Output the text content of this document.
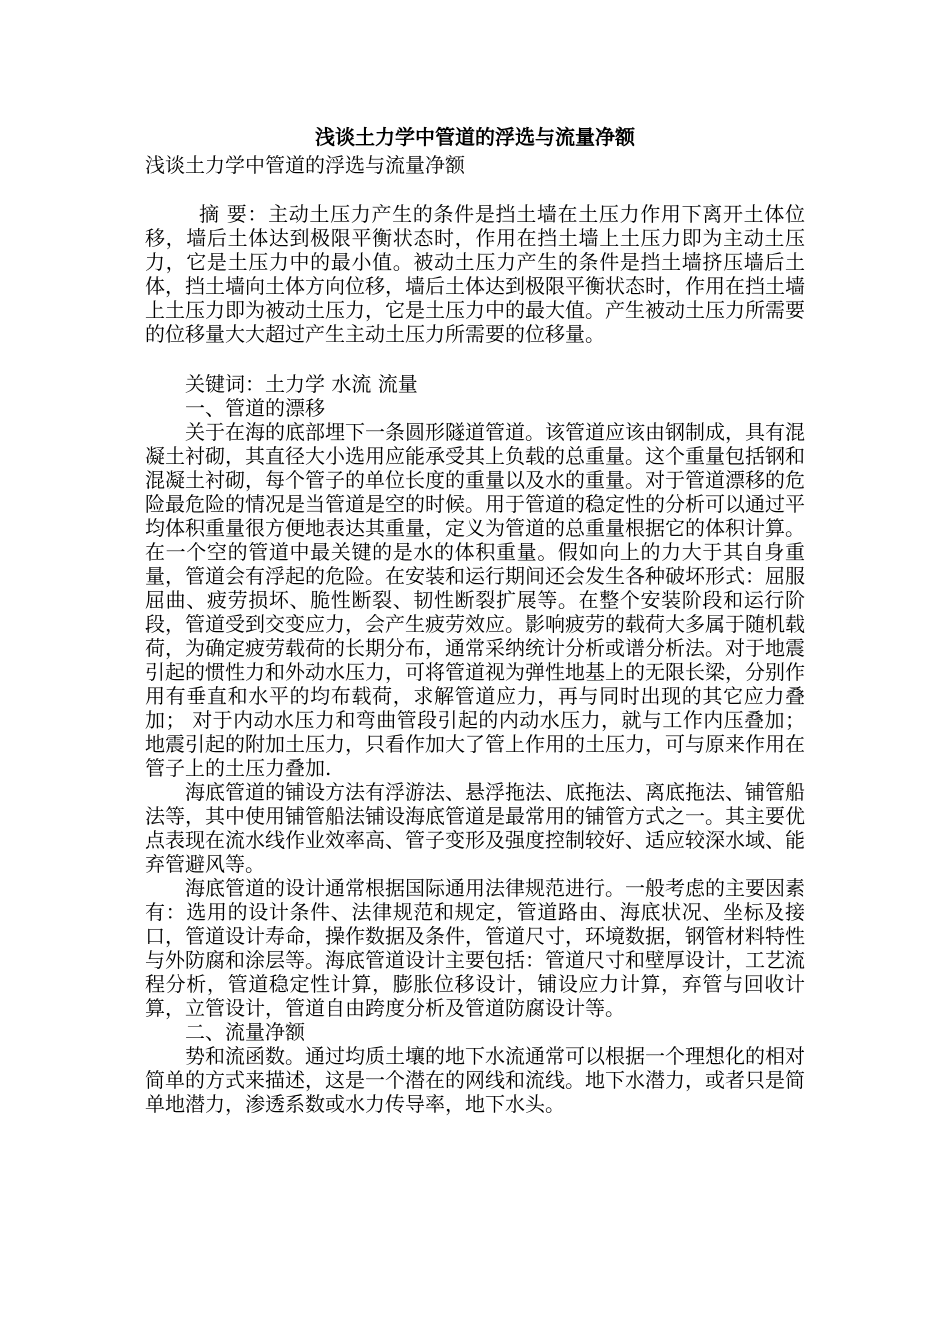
浅谈土力学中管道的浮选与流量净额
浅谈土力学中管道的浮选与流量净额

摘 要：主动土压力产生的条件是挡土墙在土压力作用下离开土体位移，墙后土体达到极限平衡状态时，作用在挡土墙上土压力即为主动土压力，它是土压力中的最小值。被动土压力产生的条件是挡土墙挤压墙后土体，挡土墙向土体方向位移，墙后土体达到极限平衡状态时，作用在挡土墙上土压力即为被动土压力，它是土压力中的最大值。产生被动土压力所需要的位移量大大超过产生主动土压力所需要的位移量。

关键词：土力学 水流 流量

一、管道的漂移

关于在海的底部埋下一条圆形隧道管道。该管道应该由钢制成，具有混凝土衬砌，其直径大小选用应能承受其上负载的总重量。这个重量包括钢和混凝土衬砌，每个管子的单位长度的重量以及水的重量。对于管道漂移的危险最危险的情况是当管道是空的时候。用于管道的稳定性的分析可以通过平均体积重量很方便地表达其重量，定义为管道的总重量根据它的体积计算。在一个空的管道中最关键的是水的体积重量。假如向上的力大于其自身重量，管道会有浮起的危险。在安装和运行期间还会发生各种破坏形式：屈服屈曲、疲劳损坏、脆性断裂、韧性断裂扩展等。在整个安装阶段和运行阶段，管道受到交变应力，会产生疲劳效应。影响疲劳的载荷大多属于随机载荷，为确定疲劳载荷的长期分布，通常采纳统计分析或谱分析法。对于地震引起的惯性力和外动水压力，可将管道视为弹性地基上的无限长梁，分别作用有垂直和水平的均布载荷，求解管道应力，再与同时出现的其它应力叠加； 对于内动水压力和弯曲管段引起的内动水压力，就与工作内压叠加；地震引起的附加土压力，只看作加大了管上作用的土压力，可与原来作用在管子上的土压力叠加.

海底管道的铺设方法有浮游法、悬浮拖法、底拖法、离底拖法、铺管船法等，其中使用铺管船法铺设海底管道是最常用的铺管方式之一。其主要优点表现在流水线作业效率高、管子变形及强度控制较好、适应较深水域、能弃管避风等。

海底管道的设计通常根据国际通用法律规范进行。一般考虑的主要因素有：选用的设计条件、法律规范和规定，管道路由、海底状况、坐标及接口，管道设计寿命，操作数据及条件，管道尺寸，环境数据，钢管材料特性与外防腐和涂层等。海底管道设计主要包括：管道尺寸和壁厚设计，工艺流程分析，管道稳定性计算，膨胀位移设计，铺设应力计算，弃管与回收计算，立管设计，管道自由跨度分析及管道防腐设计等。

二、流量净额

势和流函数。通过均质土壤的地下水流通常可以根据一个理想化的相对简单的方式来描述，这是一个潜在的网线和流线。地下水潜力，或者只是简单地潜力，渗透系数或水力传导率，地下水头。
